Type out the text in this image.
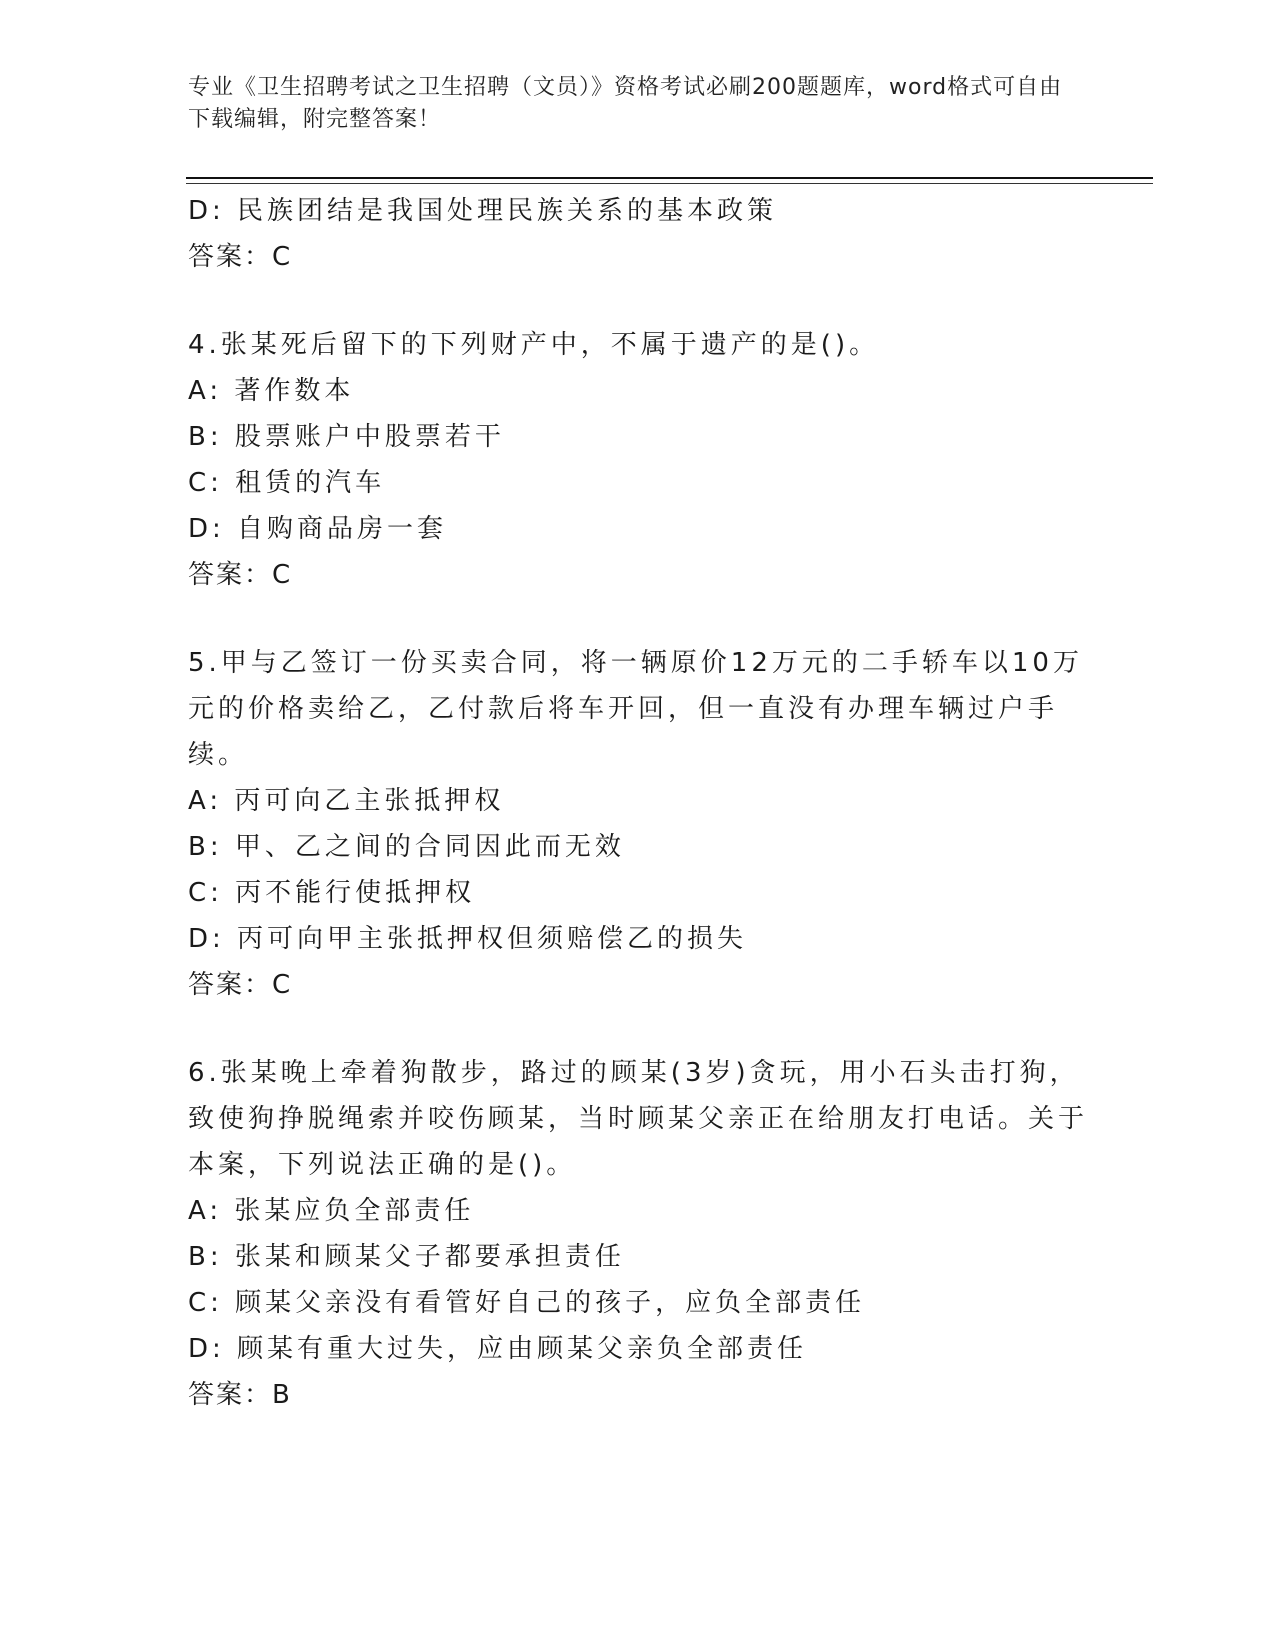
专业《卫生招聘考试之卫生招聘（文员）》资格考试必刷200题题库，word格式可自由下载编辑，附完整答案！
D: 民族团结是我国处理民族关系的基本政策
答案：C
4.张某死后留下的下列财产中，不属于遗产的是()。
A: 著作数本
B: 股票账户中股票若干
C: 租赁的汽车
D: 自购商品房一套
答案：C
5.甲与乙签订一份买卖合同，将一辆原价12万元的二手轿车以10万元的价格卖给乙，乙付款后将车开回，但一直没有办理车辆过户手续。
A: 丙可向乙主张抵押权
B: 甲、乙之间的合同因此而无效
C: 丙不能行使抵押权
D: 丙可向甲主张抵押权但须赔偿乙的损失
答案：C
6.张某晚上牵着狗散步，路过的顾某(3岁)贪玩，用小石头击打狗，致使狗挣脱绳索并咬伤顾某，当时顾某父亲正在给朋友打电话。关于本案，下列说法正确的是()。
A: 张某应负全部责任
B: 张某和顾某父子都要承担责任
C: 顾某父亲没有看管好自己的孩子，应负全部责任
D: 顾某有重大过失，应由顾某父亲负全部责任
答案：B
